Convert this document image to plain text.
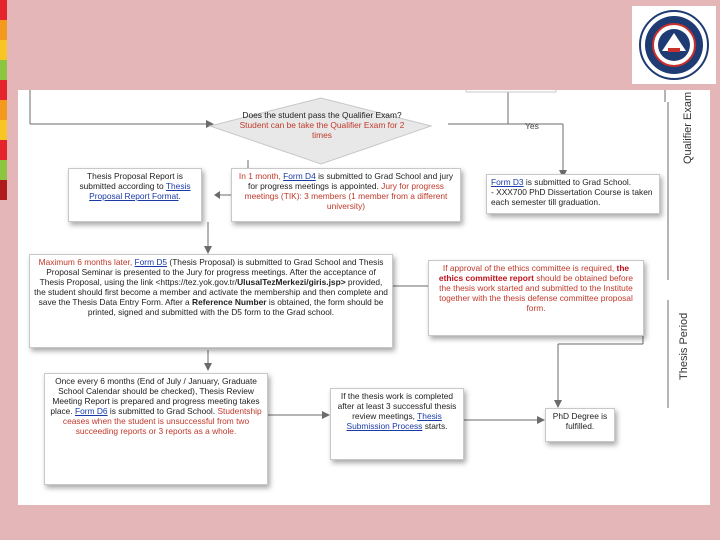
Does the student pass the Qualifier Exam?
Student can be take the Qualifier Exam for 2 times
Yes	Qualifier Exam
Thesis Period
Thesis Proposal Report is submitted according to Thesis Proposal Report Format.
In 1 month, Form D4 is submitted to Grad School and jury for progress meetings is appointed. Jury for progress meetings (TIK): 3 members (1 member from a different university)
Form D3 is submitted to Grad School.
- XXX700 PhD Dissertation Course is taken each semester till graduation.
Maximum 6 months later, Form D5 (Thesis Proposal) is submitted to Grad School and Thesis Proposal Seminar is presented to the Jury for progress meetings. After the acceptance of Thesis Proposal, using the link <https://tez.yok.gov.tr/UlusalTezMerkezi/giris.jsp> provided, the student should first become a member and activate the membership and then complete and save the Thesis Data Entry Form. After a Reference Number is obtained, the form should be printed, signed and submitted with the D5 form to the Grad school.
If approval of the ethics committee is required, the ethics committee report should be obtained before the thesis work started and submitted to the Institute together with the thesis defense committee proposal form.
Once every 6 months (End of July / January, Graduate School Calendar should be checked), Thesis Review Meeting Report is prepared and progress meeting takes place. Form D6 is submitted to Grad School. Studentship ceases when the student is unsuccessful from two succeeding reports or 3 reports as a whole.
If the thesis work is completed after at least 3 successful thesis review meetings, Thesis Submission Process starts.
PhD Degree is fulfilled.
